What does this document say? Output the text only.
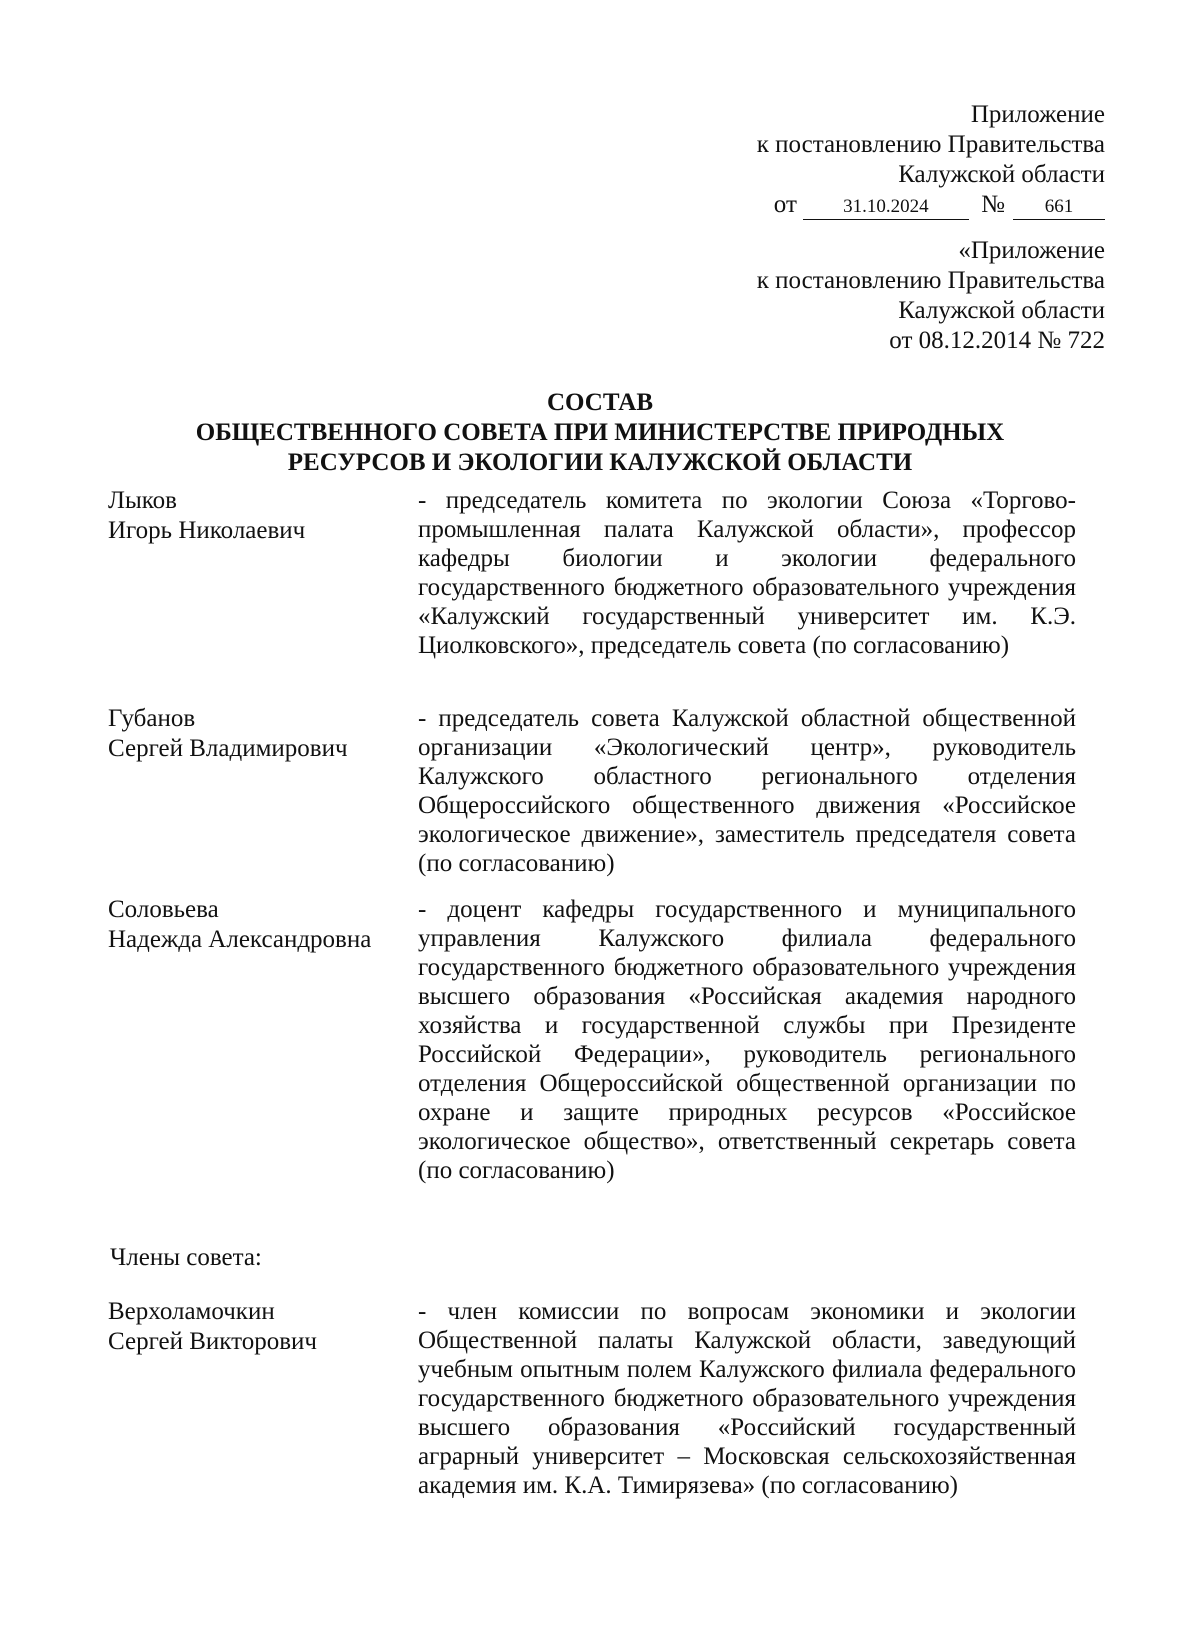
Приложение
к постановлению Правительства
Калужской области
от 31.10.2024 № 661
«Приложение
к постановлению Правительства
Калужской области
от 08.12.2014 № 722
СОСТАВ
ОБЩЕСТВЕННОГО СОВЕТА ПРИ МИНИСТЕРСТВЕ ПРИРОДНЫХ
РЕСУРСОВ И ЭКОЛОГИИ КАЛУЖСКОЙ ОБЛАСТИ
Лыков
Игорь Николаевич
- председатель комитета по экологии Союза «Торгово-промышленная палата Калужской области», профессор кафедры биологии и экологии федерального государственного бюджетного образовательного учреждения «Калужский государственный университет им. К.Э. Циолковского», председатель совета (по согласованию)
Губанов
Сергей Владимирович
- председатель совета Калужской областной общественной организации «Экологический центр», руководитель Калужского областного регионального отделения Общероссийского общественного движения «Российское экологическое движение», заместитель председателя совета (по согласованию)
Соловьева
Надежда Александровна
- доцент кафедры государственного и муниципального управления Калужского филиала федерального государственного бюджетного образовательного учреждения высшего образования «Российская академия народного хозяйства и государственной службы при Президенте Российской Федерации», руководитель регионального отделения Общероссийской общественной организации по охране и защите природных ресурсов «Российское экологическое общество», ответственный секретарь совета (по согласованию)
Члены совета:
Верхоламочкин
Сергей Викторович
- член комиссии по вопросам экономики и экологии Общественной палаты Калужской области, заведующий учебным опытным полем Калужского филиала федерального государственного бюджетного образовательного учреждения высшего образования «Российский государственный аграрный университет – Московская сельскохозяйственная академия им. К.А. Тимирязева» (по согласованию)
